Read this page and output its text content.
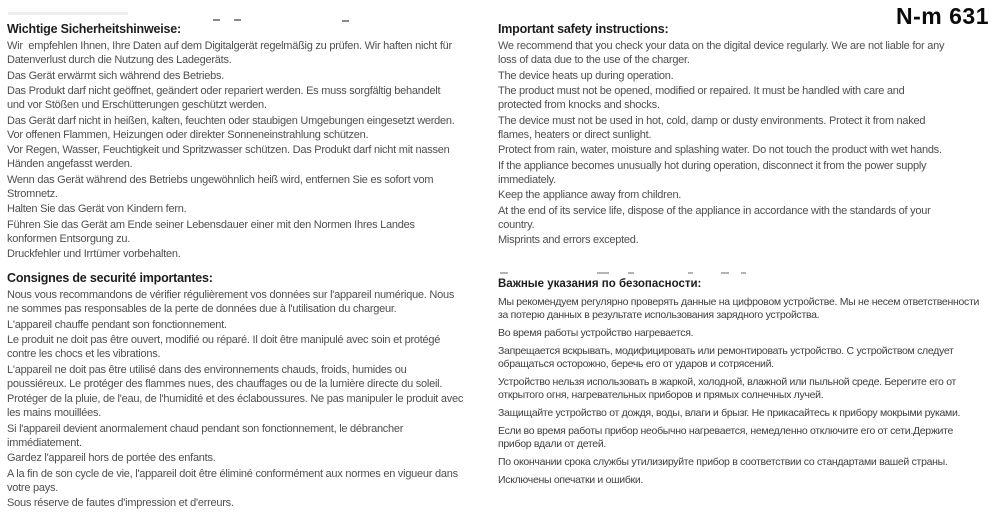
N-m 631
Wichtige Sicherheitshinweise:

Wir  empfehlen Ihnen, Ihre Daten auf dem Digitalgerät regelmäßig zu prüfen. Wir haften nicht für
Datenverlust durch die Nutzung des Ladegeräts.

Das Gerät erwärmt sich während des Betriebs.

Das Produkt darf nicht geöffnet, geändert oder repariert werden. Es muss sorgfältig behandelt
und vor Stößen und Erschütterungen geschützt werden.

Das Gerät darf nicht in heißen, kalten, feuchten oder staubigen Umgebungen eingesetzt werden.
Vor offenen Flammen, Heizungen oder direkter Sonneneinstrahlung schützen.

Vor Regen, Wasser, Feuchtigkeit und Spritzwasser schützen. Das Produkt darf nicht mit nassen
Händen angefasst werden.

Wenn das Gerät während des Betriebs ungewöhnlich heiß wird, entfernen Sie es sofort vom
Stromnetz.

Halten Sie das Gerät von Kindern fern.

Führen Sie das Gerät am Ende seiner Lebensdauer einer mit den Normen Ihres Landes
konformen Entsorgung zu.

Druckfehler und Irrtümer vorbehalten.

Important safety instructions:

We recommend that you check your data on the digital device regularly. We are not liable for any
loss of data due to the use of the charger.

The device heats up during operation.

The product must not be opened, modified or repaired. It must be handled with care and
protected from knocks and shocks.

The device must not be used in hot, cold, damp or dusty environments. Protect it from naked
flames, heaters or direct sunlight.

Protect from rain, water, moisture and splashing water. Do not touch the product with wet hands.

If the appliance becomes unusually hot during operation, disconnect it from the power supply
immediately.

Keep the appliance away from children.

At the end of its service life, dispose of the appliance in accordance with the standards of your
country.

Misprints and errors excepted.

Consignes de securité importantes:

Nous vous recommandons de vérifier régulièrement vos données sur l'appareil numérique. Nous
ne sommes pas responsables de la perte de données due à l'utilisation du chargeur.

L'appareil chauffe pendant son fonctionnement.

Le produit ne doit pas être ouvert, modifié ou réparé. Il doit être manipulé avec soin et protégé
contre les chocs et les vibrations.

L'appareil ne doit pas être utilisé dans des environnements chauds, froids, humides ou
poussiéreux. Le protéger des flammes nues, des chauffages ou de la lumière directe du soleil.

Protéger de la pluie, de l'eau, de l'humidité et des éclaboussures. Ne pas manipuler le produit avec
les mains mouillées.

Si l'appareil devient anormalement chaud pendant son fonctionnement, le débrancher
immédiatement.

Gardez l'appareil hors de portée des enfants.

A la fin de son cycle de vie, l'appareil doit être éliminé conformément aux normes en vigueur dans
votre pays.

Sous réserve de fautes d'impression et d'erreurs.

Важные указания по безопасности:

Мы рекомендуем регулярно проверять данные на цифровом устройстве. Мы не несем ответственности
за потерю данных в результате использования зарядного устройства.

Во время работы устройство нагревается.

Запрещается вскрывать, модифицировать или ремонтировать устройство. С устройством следует
обращаться осторожно, беречь его от ударов и сотрясений.

Устройство нельзя использовать в жаркой, холодной, влажной или пыльной среде. Берегите его от
открытого огня, нагревательных приборов и прямых солнечных лучей.

Защищайте устройство от дождя, воды, влаги и брызг. Не прикасайтесь к прибору мокрыми руками.

Если во время работы прибор необычно нагревается, немедленно отключите его от сети.Держите
прибор вдали от детей.

По окончании срока службы утилизируйте прибор в соответствии со стандартами вашей страны.

Исключены опечатки и ошибки.
